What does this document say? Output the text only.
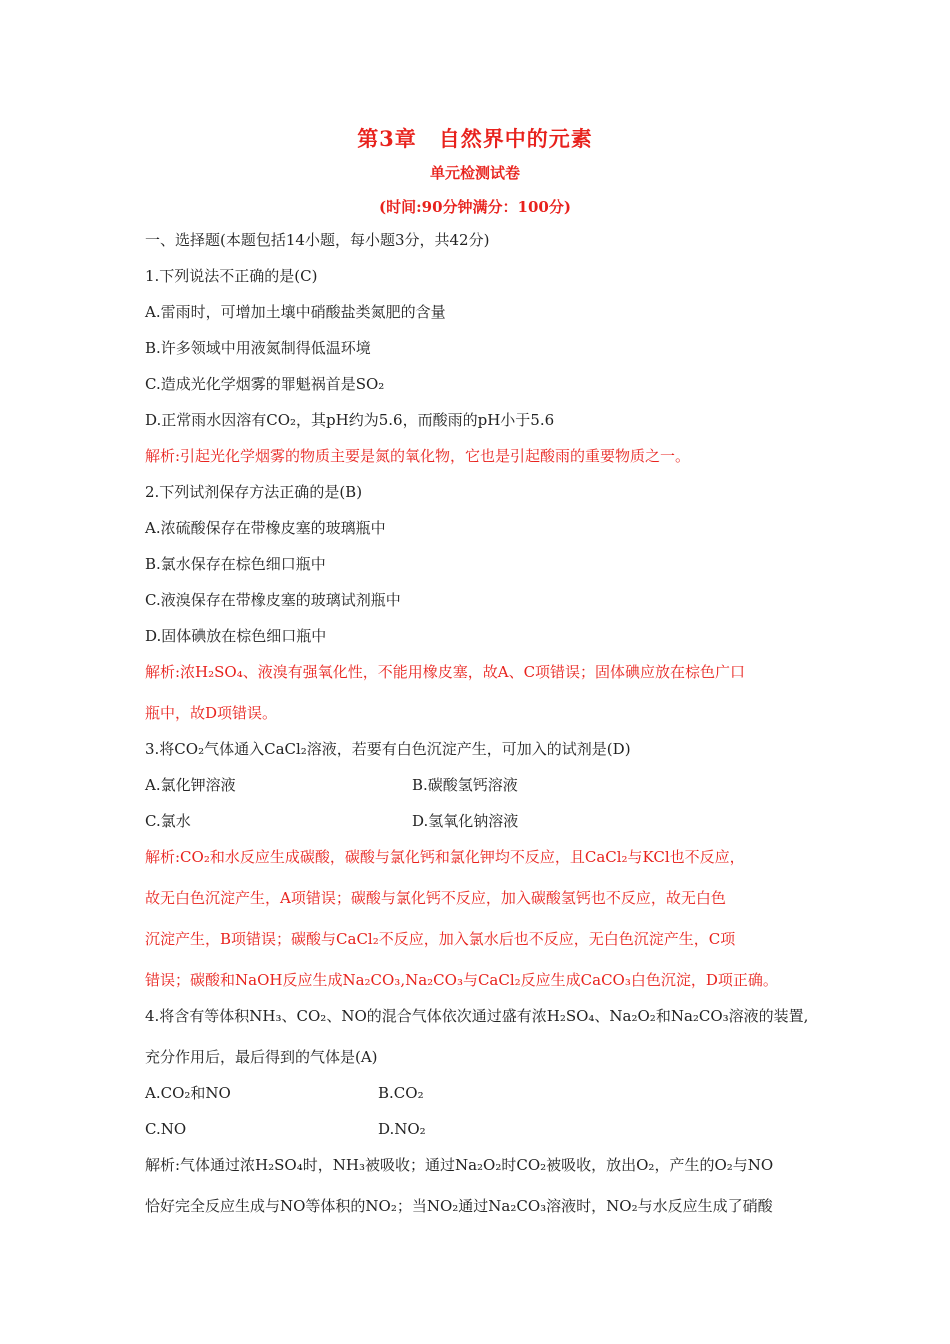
第3章　自然界中的元素
单元检测试卷
(时间:90分钟满分：100分)
一、选择题(本题包括14小题，每小题3分，共42分)
1.下列说法不正确的是(C)
A.雷雨时，可增加土壤中硝酸盐类氮肥的含量
B.许多领域中用液氮制得低温环境
C.造成光化学烟雾的罪魁祸首是SO₂
D.正常雨水因溶有CO₂，其pH约为5.6，而酸雨的pH小于5.6
解析:引起光化学烟雾的物质主要是氮的氧化物，它也是引起酸雨的重要物质之一。
2.下列试剂保存方法正确的是(B)
A.浓硫酸保存在带橡皮塞的玻璃瓶中
B.氯水保存在棕色细口瓶中
C.液溴保存在带橡皮塞的玻璃试剂瓶中
D.固体碘放在棕色细口瓶中
解析:浓H₂SO₄、液溴有强氧化性，不能用橡皮塞，故A、C项错误；固体碘应放在棕色广口
瓶中，故D项错误。
3.将CO₂气体通入CaCl₂溶液，若要有白色沉淀产生，可加入的试剂是(D)
A.氯化钾溶液	B.碳酸氢钙溶液
C.氯水	D.氢氧化钠溶液
解析:CO₂和水反应生成碳酸，碳酸与氯化钙和氯化钾均不反应，且CaCl₂与KCl也不反应，
故无白色沉淀产生，A项错误；碳酸与氯化钙不反应，加入碳酸氢钙也不反应，故无白色
沉淀产生，B项错误；碳酸与CaCl₂不反应，加入氯水后也不反应，无白色沉淀产生，C项
错误；碳酸和NaOH反应生成Na₂CO₃,Na₂CO₃与CaCl₂反应生成CaCO₃白色沉淀，D项正确。
4.将含有等体积NH₃、CO₂、NO的混合气体依次通过盛有浓H₂SO₄、Na₂O₂和Na₂CO₃溶液的装置,
充分作用后，最后得到的气体是(A)
A.CO₂和NO	B.CO₂
C.NO	D.NO₂
解析:气体通过浓H₂SO₄时，NH₃被吸收；通过Na₂O₂时CO₂被吸收，放出O₂，产生的O₂与NO
恰好完全反应生成与NO等体积的NO₂；当NO₂通过Na₂CO₃溶液时，NO₂与水反应生成了硝酸
